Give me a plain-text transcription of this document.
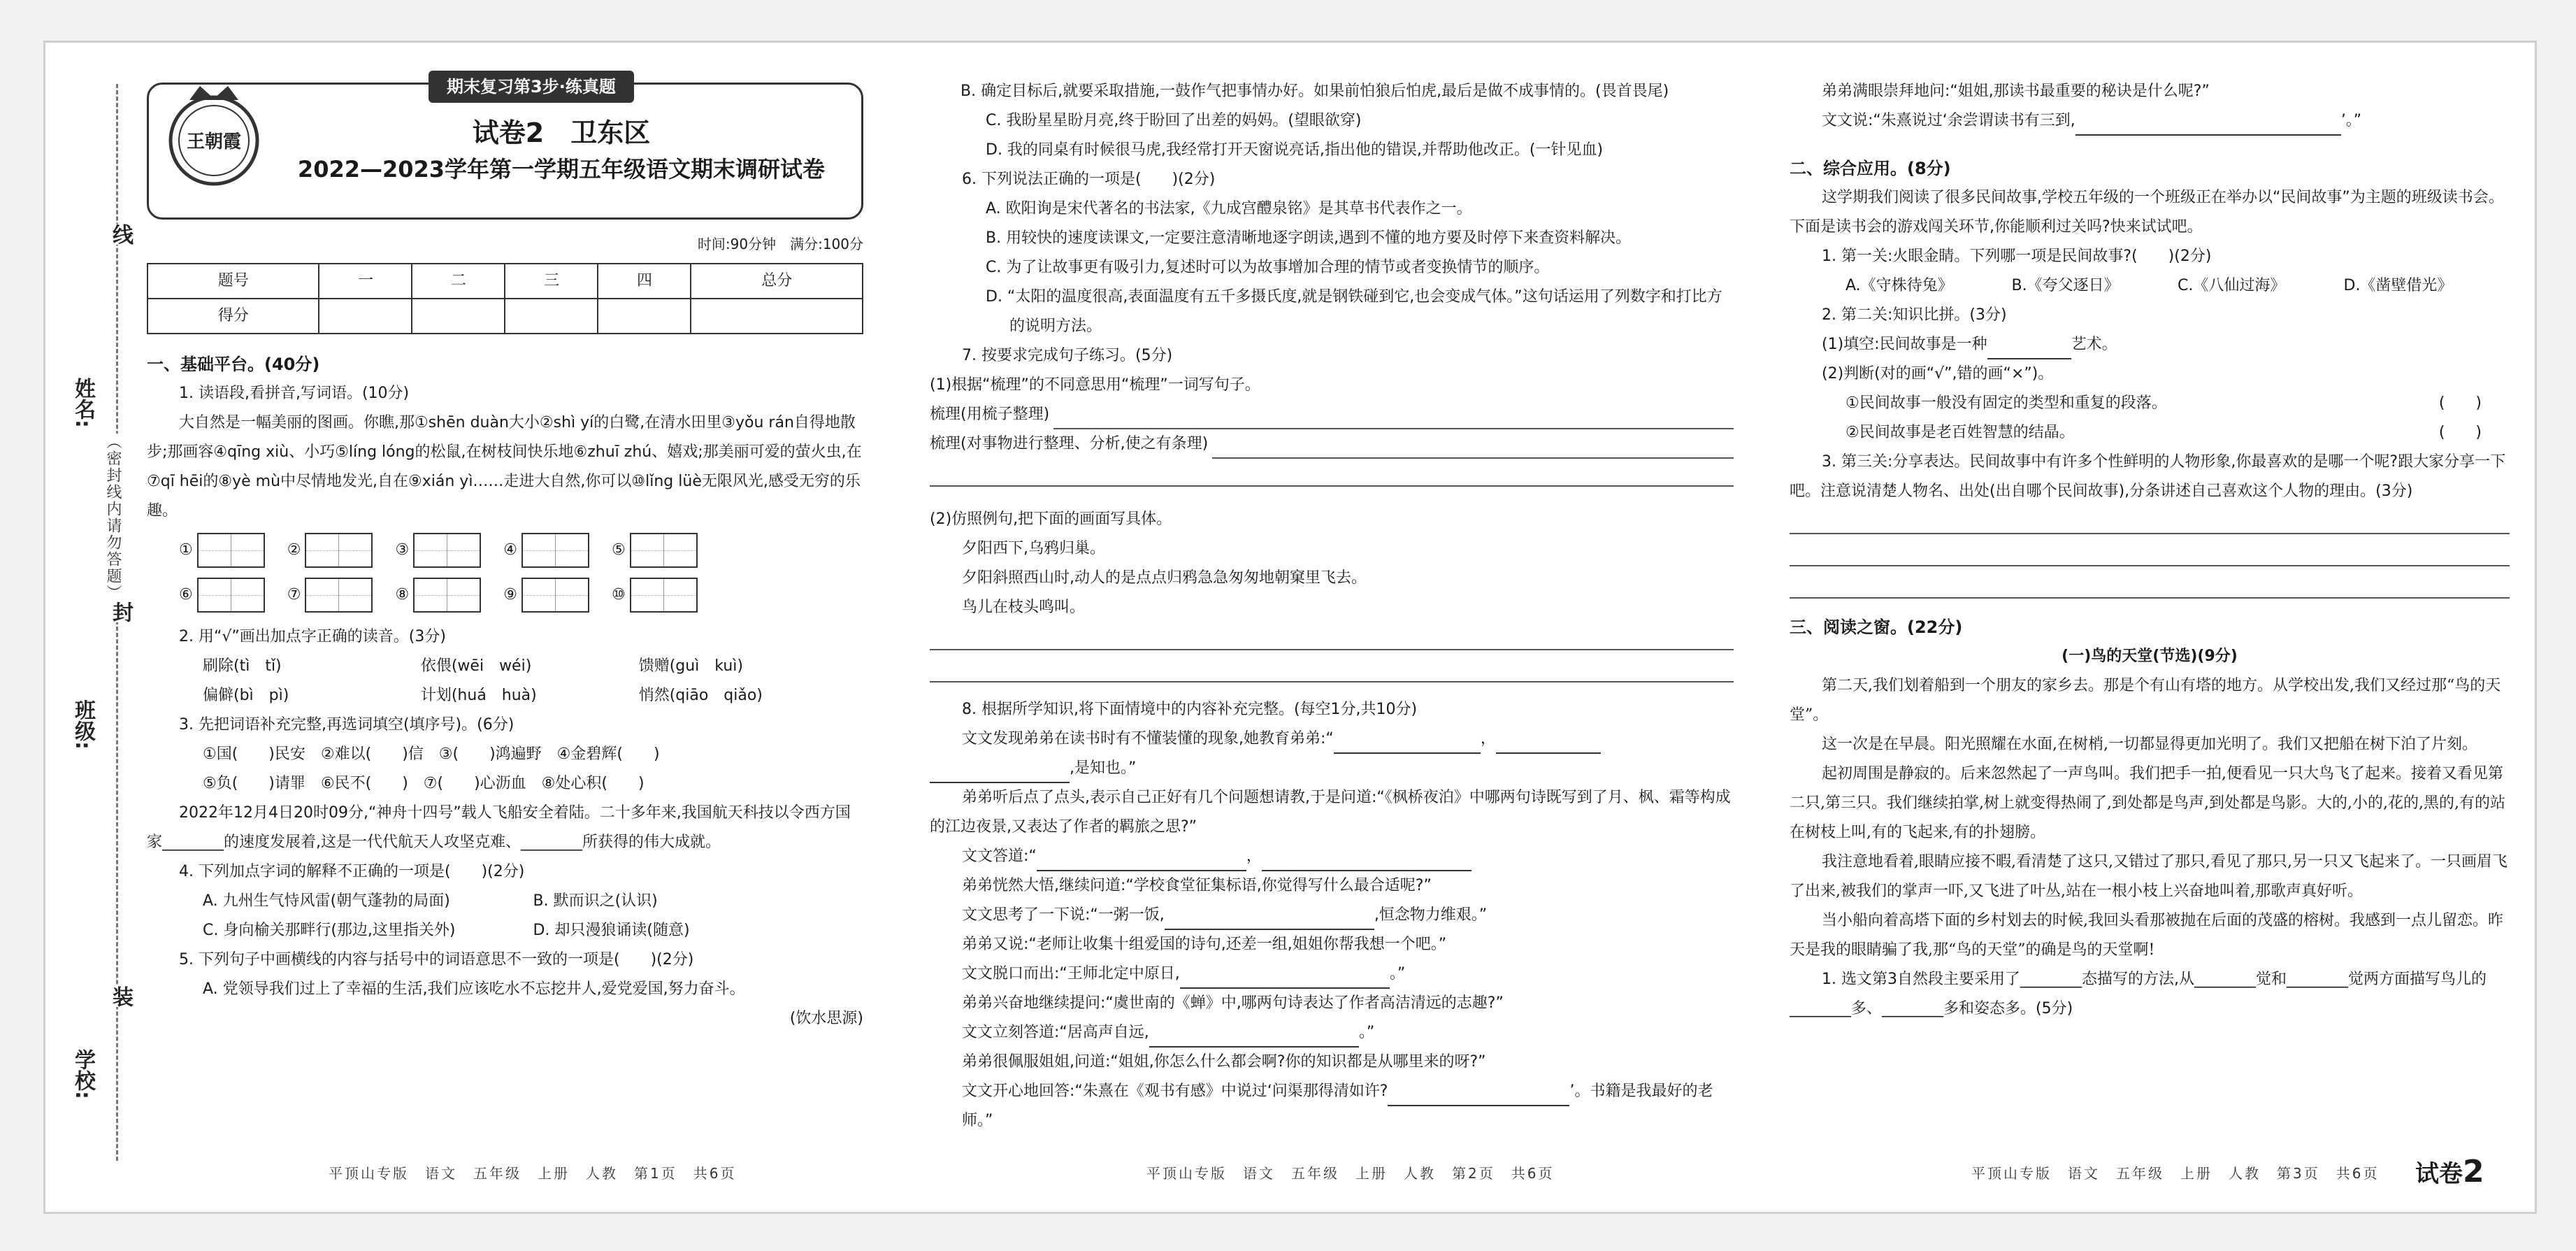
线
封
装
（密封线内请勿答题）
姓名:
班级:
学校:
期末复习第3步·练真题
王朝霞	试卷2　卫东区
2022—2023学年第一学期五年级语文期末调研试卷
时间:90分钟　满分:100分
题号	一	二	三	四	总分
得分					

一、基础平台。(40分)

1. 读语段,看拼音,写词语。(10分)

大自然是一幅美丽的图画。你瞧,那①shēn duàn大小②shì yí的白鹭,在清水田里③yǒu rán自得地散步;那画容④qīng xiù、小巧⑤líng lóng的松鼠,在树枝间快乐地⑥zhuī zhú、嬉戏;那美丽可爱的萤火虫,在⑦qī hēi的⑧yè mù中尽情地发光,自在⑨xián yì……走进大自然,你可以⑩lǐng lüè无限风光,感受无穷的乐趣。

①	②	③	④	⑤
⑥	⑦	⑧	⑨	⑩

2. 用“√”画出加点字正确的读音。(3分)

刷除(tì　tǐ)	依偎(wēi　wéi)	馈赠(guì　kuì)
偏僻(bì　pì)	计划(huá　huà)	悄然(qiāo　qiǎo)

3. 先把词语补充完整,再选词填空(填序号)。(6分)

①国(　　)民安　②难以(　　)信　③(　　)鸿遍野　④金碧辉(　　)

⑤负(　　)请罪　⑥民不(　　)　⑦(　　)心沥血　⑧处心积(　　)

2022年12月4日20时09分,“神舟十四号”载人飞船安全着陆。二十多年来,我国航天科技以令西方国家________的速度发展着,这是一代代航天人攻坚克难、________所获得的伟大成就。

4. 下列加点字词的解释不正确的一项是(　　)(2分)

A. 九州生气恃风雷(朝气蓬勃的局面)	B. 默而识之(认识)
C. 身向榆关那畔行(那边,这里指关外)	D. 却只漫狼诵读(随意)

5. 下列句子中画横线的内容与括号中的词语意思不一致的一项是(　　)(2分)

A. 党领导我们过上了幸福的生活,我们应该吃水不忘挖井人,爱党爱国,努力奋斗。

(饮水思源)

B. 确定目标后,就要采取措施,一鼓作气把事情办好。如果前怕狼后怕虎,最后是做不成事情的。(畏首畏尾)

C. 我盼星星盼月亮,终于盼回了出差的妈妈。(望眼欲穿)

D. 我的同桌有时候很马虎,我经常打开天窗说亮话,指出他的错误,并帮助他改正。(一针见血)

6. 下列说法正确的一项是(　　)(2分)

A. 欧阳询是宋代著名的书法家,《九成宫醴泉铭》是其草书代表作之一。

B. 用较快的速度读课文,一定要注意清晰地逐字朗读,遇到不懂的地方要及时停下来查资料解决。

C. 为了让故事更有吸引力,复述时可以为故事增加合理的情节或者变换情节的顺序。

D. “太阳的温度很高,表面温度有五千多摄氏度,就是钢铁碰到它,也会变成气体。”这句话运用了列数字和打比方的说明方法。

7. 按要求完成句子练习。(5分)

(1)根据“梳理”的不同意思用“梳理”一词写句子。

梳理(用梳子整理)
梳理(对事物进行整理、分析,使之有条理)

(2)仿照例句,把下面的画面写具体。

夕阳西下,乌鸦归巢。

夕阳斜照西山时,动人的是点点归鸦急急匆匆地朝窠里飞去。

鸟儿在枝头鸣叫。

8. 根据所学知识,将下面情境中的内容补充完整。(每空1分,共10分)

文文发现弟弟在读书时有不懂装懂的现象,她教育弟弟:“	，

,是知也。”

弟弟听后点了点头,表示自己正好有几个问题想请教,于是问道:“《枫桥夜泊》中哪两句诗既写到了月、枫、霜等构成的江边夜景,又表达了作者的羁旅之思?”

文文答道:“	，

弟弟恍然大悟,继续问道:“学校食堂征集标语,你觉得写什么最合适呢?”

文文思考了一下说:“一粥一饭,	,恒念物力维艰。”

弟弟又说:“老师让收集十组爱国的诗句,还差一组,姐姐你帮我想一个吧。”

文文脱口而出:“王师北定中原日,	。”

弟弟兴奋地继续提问:“虞世南的《蝉》中,哪两句诗表达了作者高洁清远的志趣?”

文文立刻答道:“居高声自远,	。”

弟弟很佩服姐姐,问道:“姐姐,你怎么什么都会啊?你的知识都是从哪里来的呀?”

文文开心地回答:“朱熹在《观书有感》中说过‘问渠那得清如许?	’。书籍是我最好的老师。”

弟弟满眼崇拜地问:“姐姐,那读书最重要的秘诀是什么呢?”

文文说:“朱熹说过‘余尝谓读书有三到,	’。”

二、综合应用。(8分)

这学期我们阅读了很多民间故事,学校五年级的一个班级正在举办以“民间故事”为主题的班级读书会。下面是读书会的游戏闯关环节,你能顺利过关吗?快来试试吧。

1. 第一关:火眼金睛。下列哪一项是民间故事?(　　)(2分)

A.《守株待兔》	B.《夸父逐日》	C.《八仙过海》	D.《凿壁借光》

2. 第二关:知识比拼。(3分)

(1)填空:民间故事是一种	艺术。

(2)判断(对的画“√”,错的画“×”)。

①民间故事一般没有固定的类型和重复的段落。	(　　)

②民间故事是老百姓智慧的结晶。	(　　)

3. 第三关:分享表达。民间故事中有许多个性鲜明的人物形象,你最喜欢的是哪一个呢?跟大家分享一下吧。注意说清楚人物名、出处(出自哪个民间故事),分条讲述自己喜欢这个人物的理由。(3分)

三、阅读之窗。(22分)

(一)鸟的天堂(节选)(9分)

第二天,我们划着船到一个朋友的家乡去。那是个有山有塔的地方。从学校出发,我们又经过那“鸟的天堂”。

这一次是在早晨。阳光照耀在水面,在树梢,一切都显得更加光明了。我们又把船在树下泊了片刻。

起初周围是静寂的。后来忽然起了一声鸟叫。我们把手一拍,便看见一只大鸟飞了起来。接着又看见第二只,第三只。我们继续拍掌,树上就变得热闹了,到处都是鸟声,到处都是鸟影。大的,小的,花的,黑的,有的站在树枝上叫,有的飞起来,有的扑翅膀。

我注意地看着,眼睛应接不暇,看清楚了这只,又错过了那只,看见了那只,另一只又飞起来了。一只画眉飞了出来,被我们的掌声一吓,又飞进了叶丛,站在一根小枝上兴奋地叫着,那歌声真好听。

当小船向着高塔下面的乡村划去的时候,我回头看那被抛在后面的茂盛的榕树。我感到一点儿留恋。昨天是我的眼睛骗了我,那“鸟的天堂”的确是鸟的天堂啊!

1. 选文第3自然段主要采用了________态描写的方法,从________觉和________觉两方面描写鸟儿的________多、________多和姿态多。(5分)

平顶山专版　语文　五年级　上册　人教　第1页　共6页	平顶山专版　语文　五年级　上册　人教　第2页　共6页	平顶山专版　语文　五年级　上册　人教　第3页　共6页 试卷2
